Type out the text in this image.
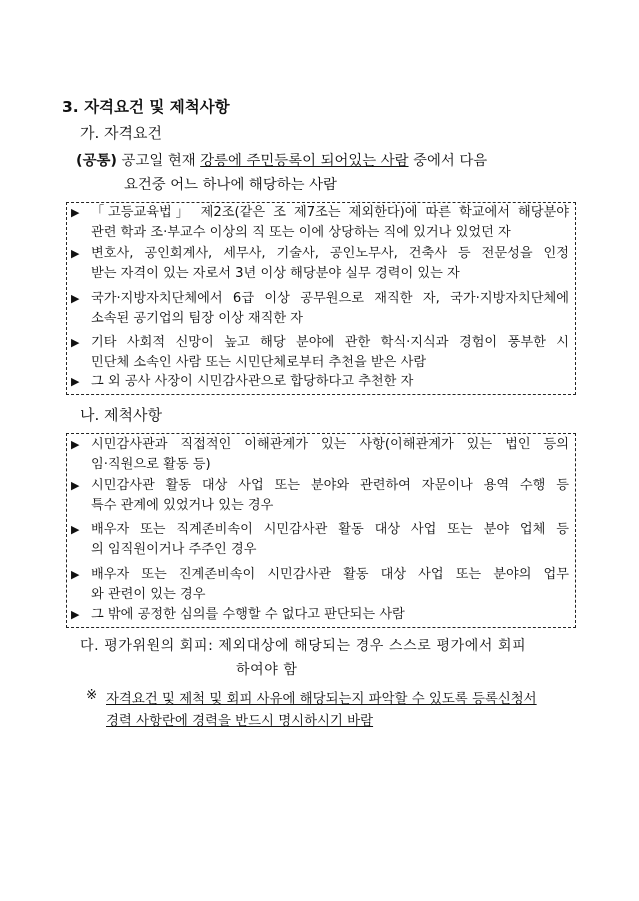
3. 자격요건 및 제척사항
가. 자격요건
(공통) 공고일 현재 강릉에 주민등록이 되어있는 사람 중에서 다음
요건중 어느 하나에 해당하는 사람
▶ 「고등교육법」 제2조(같은 조 제7조는 제외한다)에 따른 학교에서 해당분야
관련 학과 조·부교수 이상의 직 또는 이에 상당하는 직에 있거나 있었던 자
▶ 변호사, 공인회계사, 세무사, 기술사, 공인노무사, 건축사 등 전문성을 인정
받는 자격이 있는 자로서 3년 이상 해당분야 실무 경력이 있는 자
▶ 국가·지방자치단체에서 6급 이상 공무원으로 재직한 자, 국가·지방자치단체에
소속된 공기업의 팀장 이상 재직한 자
▶ 기타 사회적 신망이 높고 해당 분야에 관한 학식·지식과 경험이 풍부한 시
민단체 소속인 사람 또는 시민단체로부터 추천을 받은 사람
▶ 그 외 공사 사장이 시민감사관으로 합당하다고 추천한 자
나. 제척사항
▶ 시민감사관과 직접적인 이해관계가 있는 사항(이해관계가 있는 법인 등의
임·직원으로 활동 등)
▶ 시민감사관 활동 대상 사업 또는 분야와 관련하여 자문이나 용역 수행 등
특수 관계에 있었거나 있는 경우
▶ 배우자 또는 직계존비속이 시민감사관 활동 대상 사업 또는 분야 업체 등
의 임직원이거나 주주인 경우
▶ 배우자 또는 진계존비속이 시민감사관 활동 대상 사업 또는 분야의 업무
와 관련이 있는 경우
▶ 그 밖에 공정한 심의를 수행할 수 없다고 판단되는 사람
다. 평가위원의 회피: 제외대상에 해당되는 경우 스스로 평가에서 회피
하여야 함
※ 자격요건 및 제척 및 회피 사유에 해당되는지 파악할 수 있도록 등록신청서
경력 사항란에 경력을 반드시 명시하시기 바람
